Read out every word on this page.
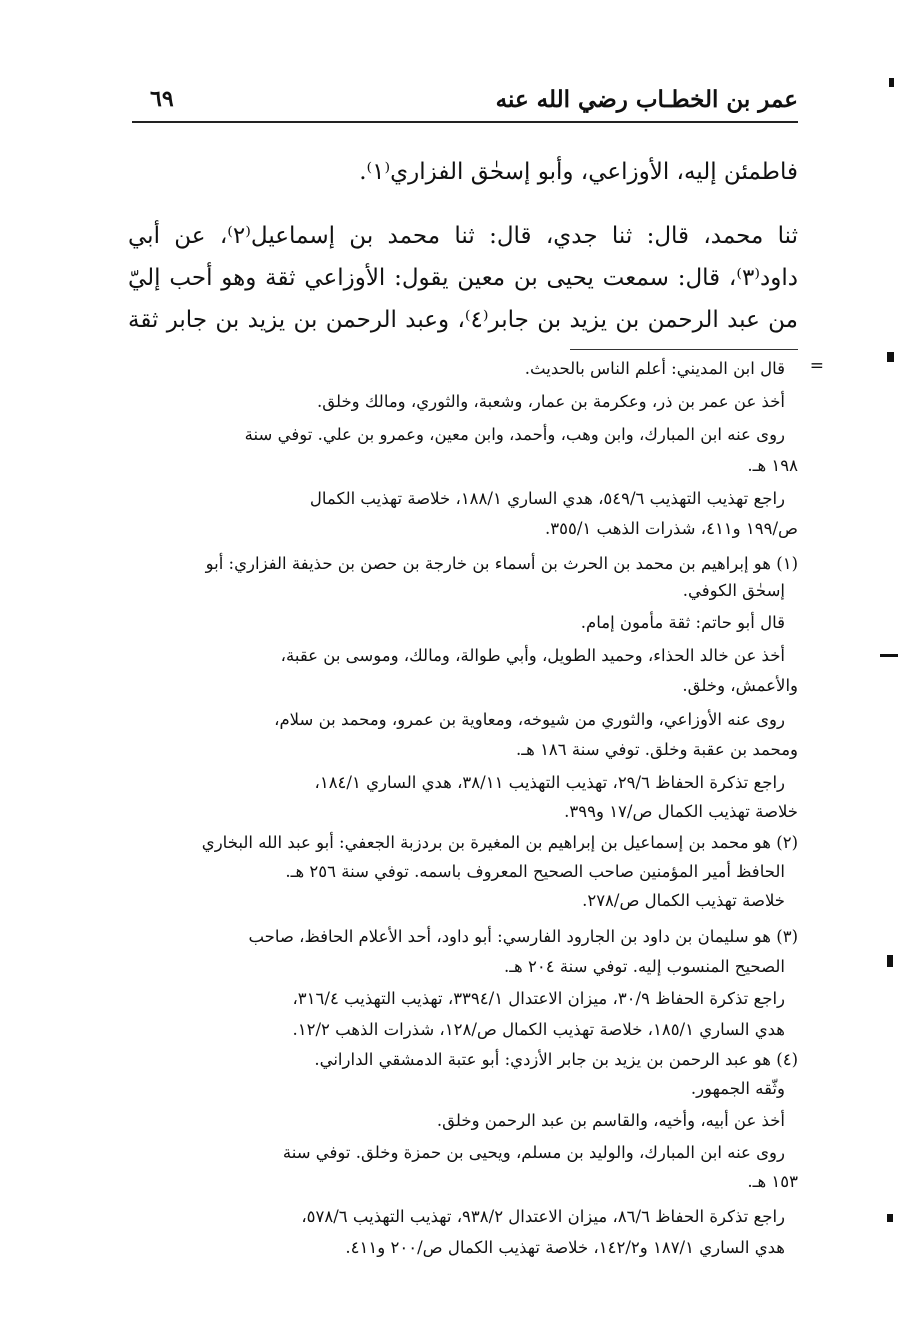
عمر بن الخطـاب رضي الله عنه
٦٩
فاطمئن إليه، الأوزاعي، وأبو إسحٰق الفزاري⁽١⁾.
ثنا محمد، قال: ثنا جدي، قال: ثنا محمد بن إسماعيل⁽٢⁾، عن أبي
داود⁽٣⁾، قال: سمعت يحيى بن معين يقول: الأوزاعي ثقة وهو أحب إليّ
من عبد الرحمن بن يزيد بن جابر⁽٤⁾، وعبد الرحمن بن يزيد بن جابر ثقة
=
قال ابن المديني: أعلم الناس بالحديث.
أخذ عن عمر بن ذر، وعكرمة بن عمار، وشعبة، والثوري، ومالك وخلق.
روى عنه ابن المبارك، وابن وهب، وأحمد، وابن معين، وعمرو بن علي. توفي سنة
١٩٨ هـ.
راجع تهذيب التهذيب ٥٤٩/٦، هدي الساري ١٨٨/١، خلاصة تهذيب الكمال
ص/١٩٩ و٤١١، شذرات الذهب ٣٥٥/١.
(١) هو إبراهيم بن محمد بن الحرث بن أسماء بن خارجة بن حصن بن حذيفة الفزاري: أبو
إسحٰق الكوفي.
قال أبو حاتم: ثقة مأمون إمام.
أخذ عن خالد الحذاء، وحميد الطويل، وأبي طوالة، ومالك، وموسى بن عقبة،
والأعمش، وخلق.
روى عنه الأوزاعي، والثوري من شيوخه، ومعاوية بن عمرو، ومحمد بن سلام،
ومحمد بن عقبة وخلق. توفي سنة ١٨٦ هـ.
راجع تذكرة الحفاظ ٢٩/٦، تهذيب التهذيب ٣٨/١١، هدي الساري ١٨٤/١،
خلاصة تهذيب الكمال ص/١٧ و٣٩٩.
(٢) هو محمد بن إسماعيل بن إبراهيم بن المغيرة بن بردزبة الجعفي: أبو عبد الله البخاري
الحافظ أمير المؤمنين صاحب الصحيح المعروف باسمه. توفي سنة ٢٥٦ هـ.
خلاصة تهذيب الكمال ص/٢٧٨.
(٣) هو سليمان بن داود بن الجارود الفارسي: أبو داود، أحد الأعلام الحافظ، صاحب
الصحيح المنسوب إليه. توفي سنة ٢٠٤ هـ.
راجع تذكرة الحفاظ ٣٠/٩، ميزان الاعتدال ٣٣٩٤/١، تهذيب التهذيب ٣١٦/٤،
هدي الساري ١٨٥/١، خلاصة تهذيب الكمال ص/١٢٨، شذرات الذهب ١٢/٢.
(٤) هو عبد الرحمن بن يزيد بن جابر الأزدي: أبو عتبة الدمشقي الداراني.
وثّقه الجمهور.
أخذ عن أبيه، وأخيه، والقاسم بن عبد الرحمن وخلق.
روى عنه ابن المبارك، والوليد بن مسلم، ويحيى بن حمزة وخلق. توفي سنة
١٥٣ هـ.
راجع تذكرة الحفاظ ٨٦/٦، ميزان الاعتدال ٩٣٨/٢، تهذيب التهذيب ٥٧٨/٦،
هدي الساري ١٨٧/١ و١٤٢/٢، خلاصة تهذيب الكمال ص/٢٠٠ و٤١١.
